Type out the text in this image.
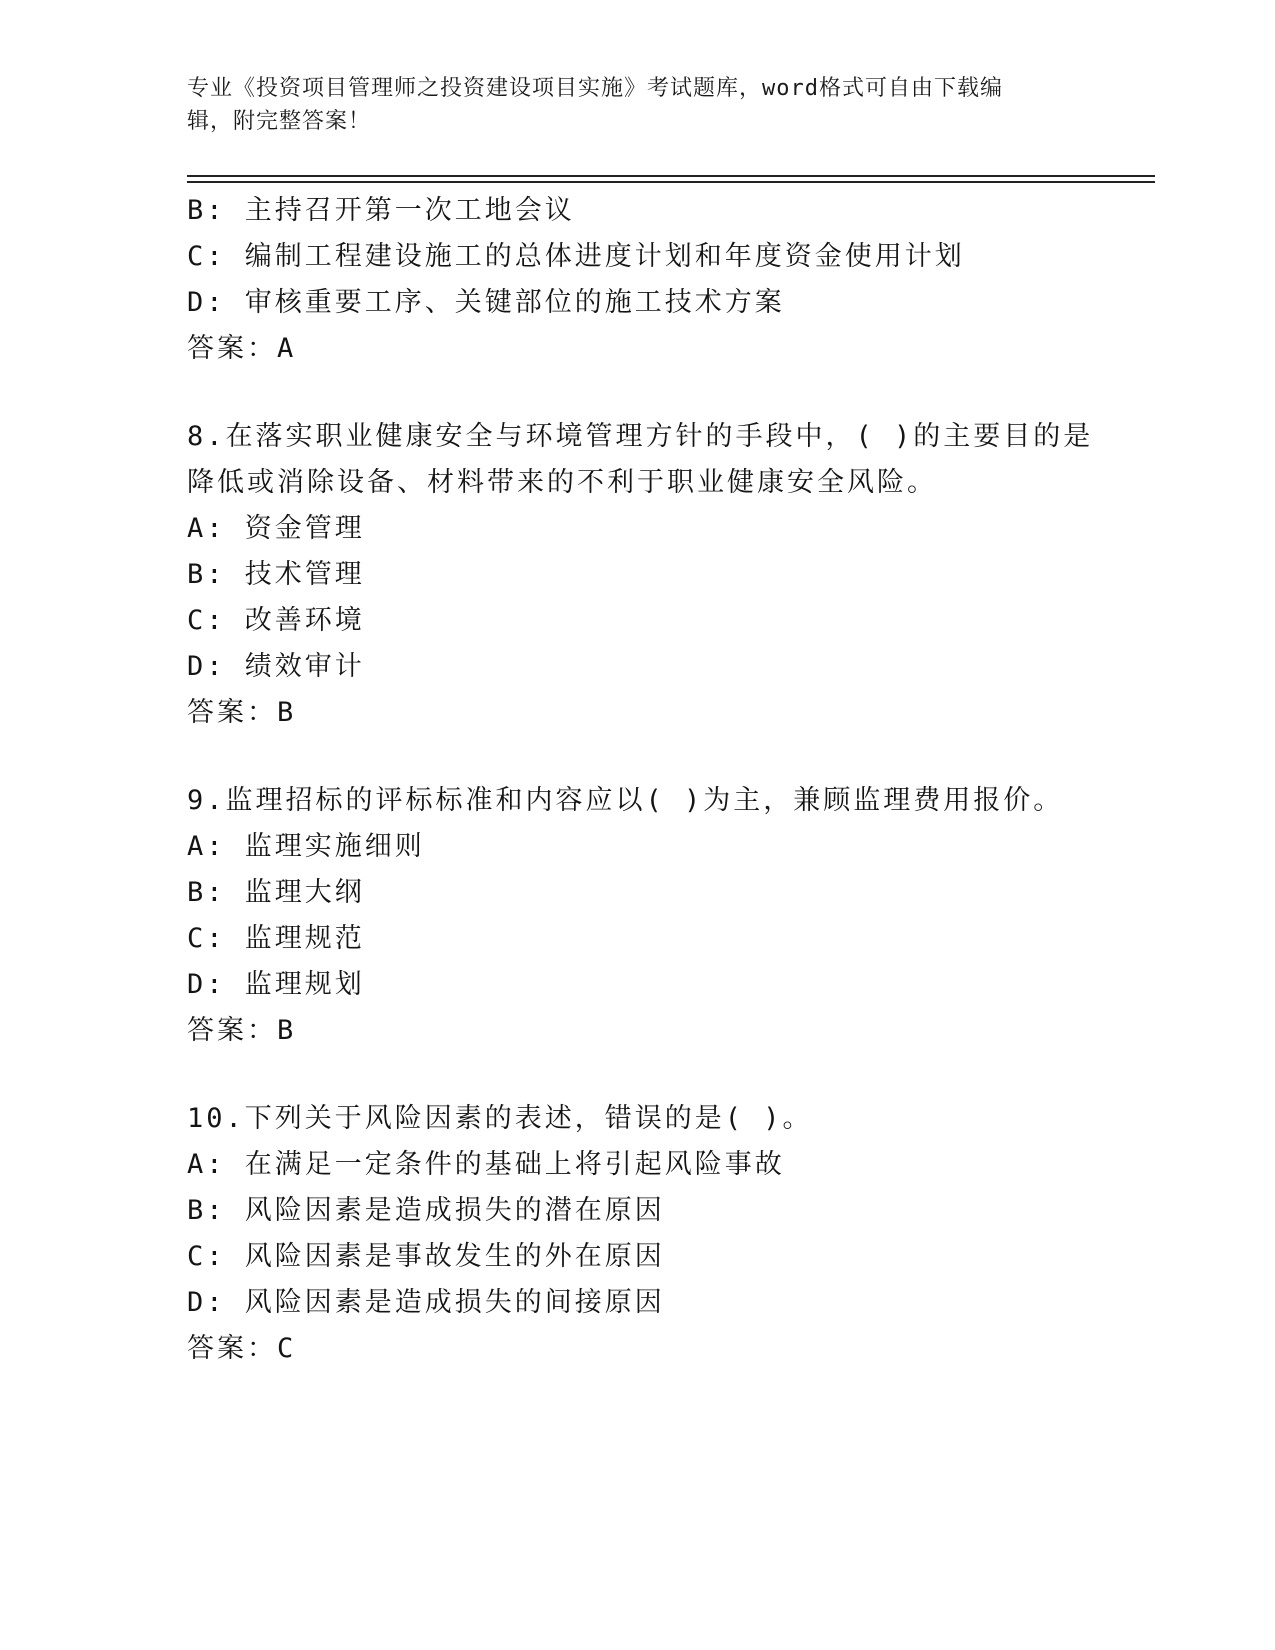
专业《投资项目管理师之投资建设项目实施》考试题库，word格式可自由下载编
辑，附完整答案！
B: 主持召开第一次工地会议
C: 编制工程建设施工的总体进度计划和年度资金使用计划
D: 审核重要工序、关键部位的施工技术方案
答案：A
8.在落实职业健康安全与环境管理方针的手段中，( )的主要目的是
降低或消除设备、材料带来的不利于职业健康安全风险。
A: 资金管理
B: 技术管理
C: 改善环境
D: 绩效审计
答案：B
9.监理招标的评标标准和内容应以( )为主，兼顾监理费用报价。
A: 监理实施细则
B: 监理大纲
C: 监理规范
D: 监理规划
答案：B
10.下列关于风险因素的表述，错误的是( )。
A: 在满足一定条件的基础上将引起风险事故
B: 风险因素是造成损失的潜在原因
C: 风险因素是事故发生的外在原因
D: 风险因素是造成损失的间接原因
答案：C
